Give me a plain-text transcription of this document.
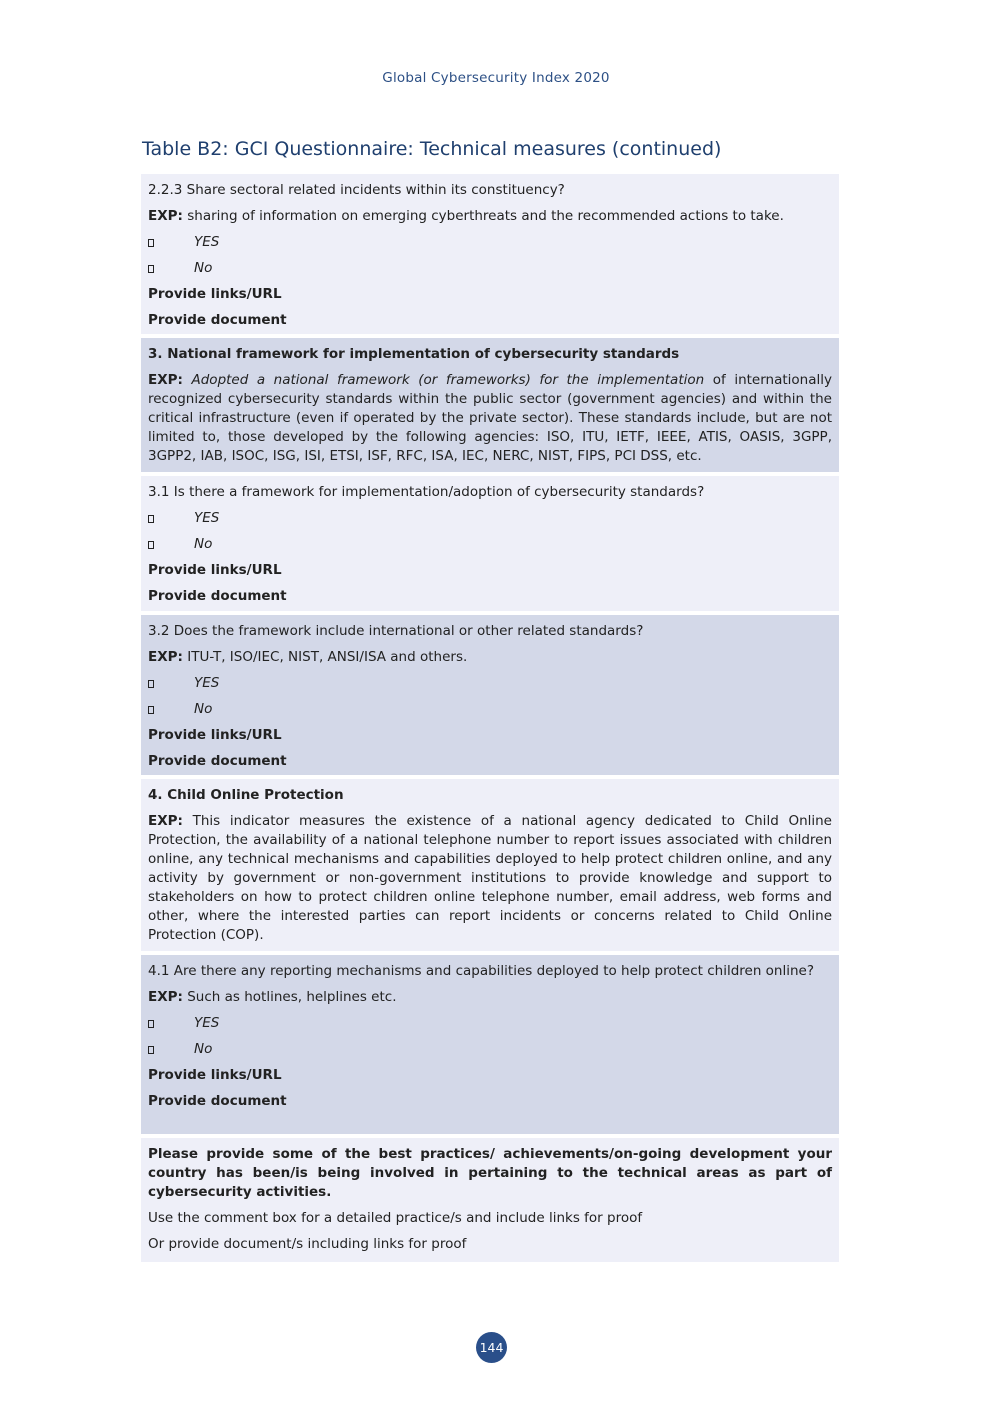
Global Cybersecurity Index 2020
Table B2: GCI Questionnaire: Technical measures (continued)

2.2.3 Share sectoral related incidents within its constituency?

EXP: sharing of information on emerging cyberthreats and the recommended actions to take.

YES
No

Provide links/URL

Provide document

3. National framework for implementation of cybersecurity standards

EXP: Adopted a national framework (or frameworks) for the implementation of internationally recognized cybersecurity standards within the public sector (government agencies) and within the critical infrastructure (even if operated by the private sector). These standards include, but are not limited to, those developed by the following agencies: ISO, ITU, IETF, IEEE, ATIS, OASIS, 3GPP, 3GPP2, IAB, ISOC, ISG, ISI, ETSI, ISF, RFC, ISA, IEC, NERC, NIST, FIPS, PCI DSS, etc.

3.1 Is there a framework for implementation/adoption of cybersecurity standards?

YES
No

Provide links/URL

Provide document

3.2 Does the framework include international or other related standards?

EXP: ITU-T, ISO/IEC, NIST, ANSI/ISA and others.

YES
No

Provide links/URL

Provide document

4. Child Online Protection

EXP: This indicator measures the existence of a national agency dedicated to Child Online Protection, the availability of a national telephone number to report issues associated with children online, any technical mechanisms and capabilities deployed to help protect children online, and any activity by government or non-government institutions to provide knowledge and support to stakeholders on how to protect children online telephone number, email address, web forms and other, where the interested parties can report incidents or concerns related to Child Online Protection (COP).

4.1 Are there any reporting mechanisms and capabilities deployed to help protect children online?

EXP: Such as hotlines, helplines etc.

YES
No

Provide links/URL

Provide document

Please provide some of the best practices/ achievements/on-going development your country has been/is being involved in pertaining to the technical areas as part of cybersecurity activities.

Use the comment box for a detailed practice/s and include links for proof

Or provide document/s including links for proof

144
